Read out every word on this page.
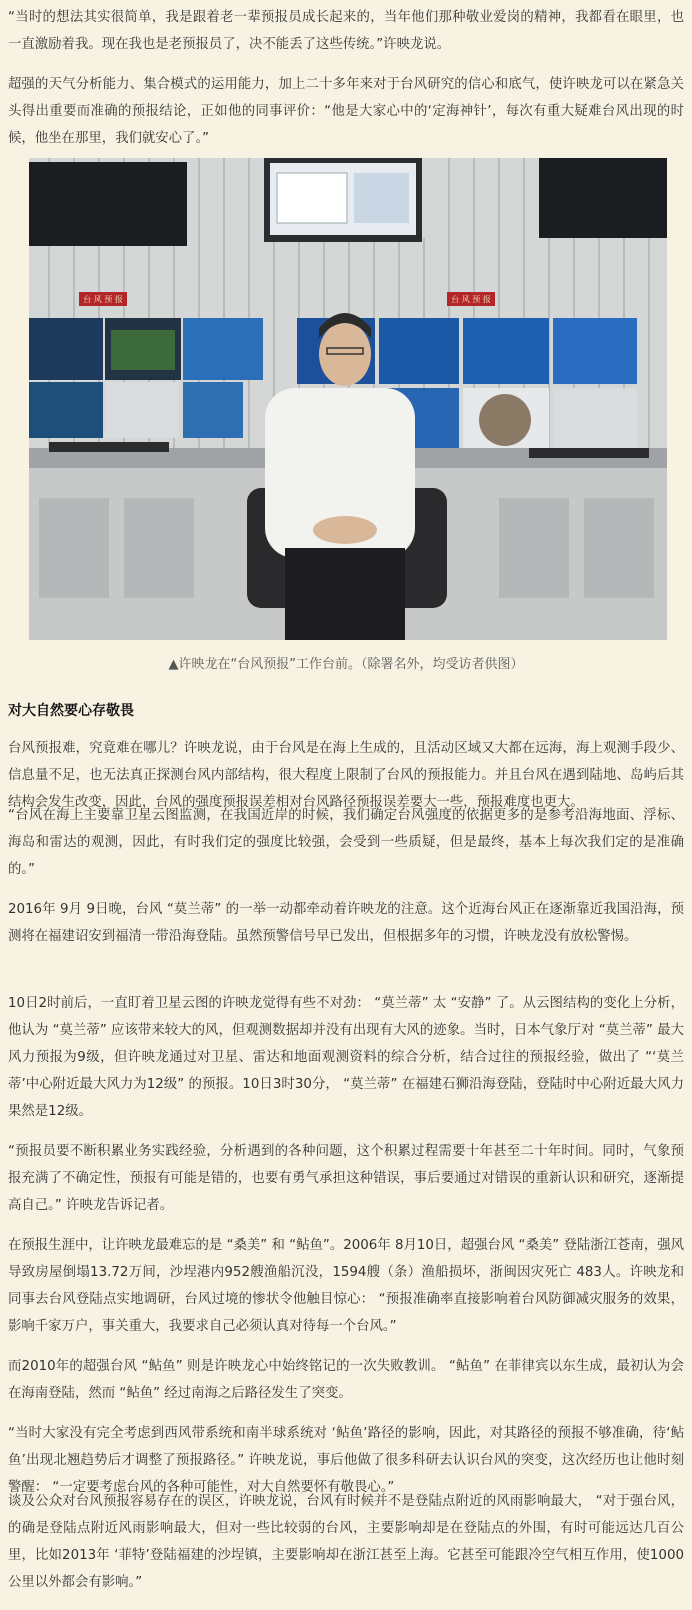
“当时的想法其实很简单，我是跟着老一辈预报员成长起来的，当年他们那种敬业爱岗的精神，我都看在眼里，也一直激励着我。现在我也是老预报员了，决不能丢了这些传统。”许映龙说。

超强的天气分析能力、集合模式的运用能力，加上二十多年来对于台风研究的信心和底气，使许映龙可以在紧急关头得出重要而准确的预报结论，正如他的同事评价：“他是大家心中的‘定海神针’，每次有重大疑难台风出现的时候，他坐在那里，我们就安心了。”

台 风 预 报	台 风 预 报

▲许映龙在“台风预报”工作台前。（除署名外，均受访者供图）

对大自然要心存敬畏

台风预报难，究竟难在哪儿？许映龙说，由于台风是在海上生成的，且活动区域又大都在远海，海上观测手段少、信息量不足，也无法真正探测台风内部结构，很大程度上限制了台风的预报能力。并且台风在遇到陆地、岛屿后其结构会发生改变，因此，台风的强度预报误差相对台风路径预报误差要大一些，预报难度也更大。

“台风在海上主要靠卫星云图监测，在我国近岸的时候，我们确定台风强度的依据更多的是参考沿海地面、浮标、海岛和雷达的观测，因此，有时我们定的强度比较强，会受到一些质疑，但是最终，基本上每次我们定的是准确的。”

2016年 9月 9日晚，台风 “莫兰蒂” 的一举一动都牵动着许映龙的注意。这个近海台风正在逐渐靠近我国沿海，预测将在福建诏安到福清一带沿海登陆。虽然预警信号早已发出，但根据多年的习惯，许映龙没有放松警惕。

10日2时前后，一直盯着卫星云图的许映龙觉得有些不对劲： “莫兰蒂” 太 “安静” 了。从云图结构的变化上分析，他认为 “莫兰蒂” 应该带来较大的风，但观测数据却并没有出现有大风的迹象。当时，日本气象厅对 “莫兰蒂” 最大风力预报为9级，但许映龙通过对卫星、雷达和地面观测资料的综合分析，结合过往的预报经验，做出了 “‘莫兰蒂’中心附近最大风力为12级” 的预报。10日3时30分， “莫兰蒂” 在福建石狮沿海登陆，登陆时中心附近最大风力果然是12级。

“预报员要不断积累业务实践经验，分析遇到的各种问题，这个积累过程需要十年甚至二十年时间。同时，气象预报充满了不确定性，预报有可能是错的，也要有勇气承担这种错误，事后要通过对错误的重新认识和研究，逐渐提高自己。” 许映龙告诉记者。

在预报生涯中，让许映龙最难忘的是 “桑美” 和 “鲇鱼”。2006年 8月10日，超强台风 “桑美” 登陆浙江苍南，强风导致房屋倒塌13.72万间，沙埕港内952艘渔船沉没，1594艘（条）渔船损坏，浙闽因灾死亡 483人。许映龙和同事去台风登陆点实地调研，台风过境的惨状令他触目惊心： “预报准确率直接影响着台风防御减灾服务的效果，影响千家万户，事关重大，我要求自己必须认真对待每一个台风。”

而2010年的超强台风 “鲇鱼” 则是许映龙心中始终铭记的一次失败教训。 “鲇鱼” 在菲律宾以东生成，最初认为会在海南登陆，然而 “鲇鱼” 经过南海之后路径发生了突变。

“当时大家没有完全考虑到西风带系统和南半球系统对 ‘鲇鱼’路径的影响，因此，对其路径的预报不够准确，待‘鲇鱼’出现北翘趋势后才调整了预报路径。” 许映龙说，事后他做了很多科研去认识台风的突变，这次经历也让他时刻警醒： “一定要考虑台风的各种可能性，对大自然要怀有敬畏心。”

谈及公众对台风预报容易存在的误区，许映龙说，台风有时候并不是登陆点附近的风雨影响最大， “对于强台风，的确是登陆点附近风雨影响最大，但对一些比较弱的台风，主要影响却是在登陆点的外围，有时可能远达几百公里，比如2013年 ‘菲特’登陆福建的沙埕镇，主要影响却在浙江甚至上海。它甚至可能跟冷空气相互作用，使1000公里以外都会有影响。”
